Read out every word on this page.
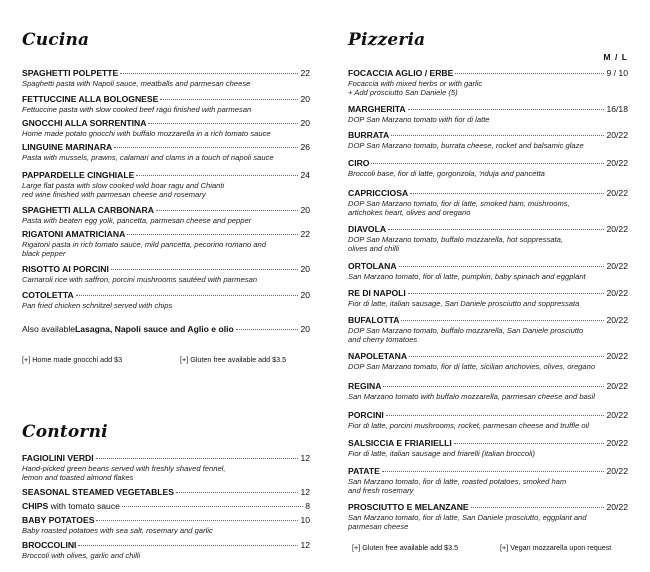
Cucina
SPAGHETTI POLPETTE	22
Spaghetti pasta with Napoli sauce, meatballs and parmesan cheese
FETTUCCINE ALLA BOLOGNESE	20
Fettuccine pasta with slow cooked beef ragù finished with parmesan
GNOCCHI ALLA SORRENTINA	20
Home made potato gnocchi with buffalo mozzarella in a rich tomato sauce
LINGUINE MARINARA	26
Pasta with mussels, prawns, calamari and clams in a touch of napoli sauce
PAPPARDELLE CINGHIALE	24
Large flat pasta with slow cooked wild boar ragu and Chianti
red wine finished with parmesan cheese and rosemary
SPAGHETTI ALLA CARBONARA	20
Pasta with beaten egg yolk, pancetta, parmesan cheese and pepper
RIGATONI AMATRICIANA	22
Rigatoni pasta in rich tomato sauce, mild pancetta, pecorino romano and
black pepper
RISOTTO AI PORCINI	20
Carnaroli rice with saffron, porcini mushrooms sautéed with parmesan
COTOLETTA	20
Pan fried chicken schnitzel served with chips
Also available Lasagna, Napoli sauce and Aglio e olio	20
[+] Home made gnocchi add $3	[+] Gluten free available add $3.5
Contorni
FAGIOLINI VERDI	12
Hand-picked green beans served with freshly shaved fennel,
lemon and toasted almond flakes
SEASONAL STEAMED VEGETABLES	12
CHIPS with tomato sauce	8
BABY POTATOES	10
Baby roasted potatoes with sea salt, rosemary and garlic
BROCCOLINI	12
Broccoli with olives, garlic and chilli
Pizzeria
M / L
FOCACCIA AGLIO / ERBE	9 / 10
Focaccia with mixed herbs or with garlic
+ Add prosciutto San Daniele (5)
MARGHERITA	16/18
DOP San Marzano tomato with fior di latte
BURRATA	20/22
DOP San Marzano tomato, burrata cheese, rocket and balsamic glaze
CIRO	20/22
Broccoli base, fior di latte, gorgonzola, 'nduja and pancetta
CAPRICCIOSA	20/22
DOP San Marzano tomato, fior di latte, smoked ham, mushrooms,
artichokes heart, olives and oregano
DIAVOLA	20/22
DOP San Marzano tomato, buffalo mozzarella, hot soppressata,
olives and chilli
ORTOLANA	20/22
San Marzano tomato, fior di latte, pumpkin, baby spinach and eggplant
RE DI NAPOLI	20/22
Fior di latte, italian sausage, San Daniele prosciutto and soppressata
BUFALOTTA	20/22
DOP San Marzano tomato, buffalo mozzarella, San Daniele prosciutto
and cherry tomatoes
NAPOLETANA	20/22
DOP San Marzano tomato, fior di latte, sicilian anchovies, olives, oregano
REGINA	20/22
San Marzano tomato with buffalo mozzarella, parmesan cheese and basil
PORCINI	20/22
Fior di latte, porcini mushrooms, rocket, parmesan cheese and truffle oil
SALSICCIA E FRIARIELLI	20/22
Fior di latte, italian sausage and friarelli (italian broccoli)
PATATE	20/22
San Marzano tomato, fior di latte, roasted potatoes, smoked ham
and fresh rosemary
PROSCIUTTO E MELANZANE	20/22
San Marzano tomato, fior di latte, San Daniele prosciutto, eggplant and
parmesan cheese
[+] Gluten free available add $3.5	[+] Vegan mozzarella upon request
